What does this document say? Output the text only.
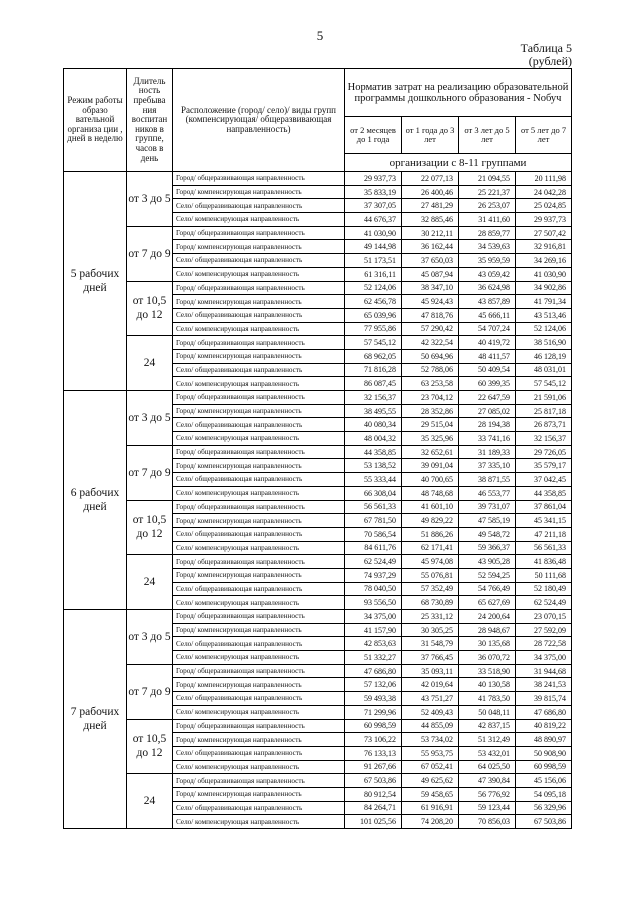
5
Таблица 5
(рублей)
Режим работы образо вательной организа ции , дней в неделю	Длитель ность пребыва ния воспитан ников в группе, часов в день	Расположение (город/ село)/ виды групп (компенсирующая/ общеразвивающая направленность)	Норматив затрат на реализацию образовательной программы дошкольного образования - Nобуч			
			от 2 месяцев до 1 года	от 1 года до 3 лет	от 3 лет до 5 лет	от 5 лет до 7 лет
			организации с 8-11 группами			
5 рабочих дней	от 3 до 5	Город/ общеразвивающая направленность	29 937,73	22 077,13	21 094,55	20 111,98
		Город/ компенсирующая направленность	35 833,19	26 400,46	25 221,37	24 042,28
		Село/ общеразвивающая направленность	37 307,05	27 481,29	26 253,07	25 024,85
		Село/ компенсирующая направленность	44 676,37	32 885,46	31 411,60	29 937,73
	от 7 до 9	Город/ общеразвивающая направленность	41 030,90	30 212,11	28 859,77	27 507,42
		Город/ компенсирующая направленность	49 144,98	36 162,44	34 539,63	32 916,81
		Село/ общеразвивающая направленность	51 173,51	37 650,03	35 959,59	34 269,16
		Село/ компенсирующая направленность	61 316,11	45 087,94	43 059,42	41 030,90
	от 10,5 до 12	Город/ общеразвивающая направленность	52 124,06	38 347,10	36 624,98	34 902,86
		Город/ компенсирующая направленность	62 456,78	45 924,43	43 857,89	41 791,34
		Село/ общеразвивающая направленность	65 039,96	47 818,76	45 666,11	43 513,46
		Село/ компенсирующая направленность	77 955,86	57 290,42	54 707,24	52 124,06
	24	Город/ общеразвивающая направленность	57 545,12	42 322,54	40 419,72	38 516,90
		Город/ компенсирующая направленность	68 962,05	50 694,96	48 411,57	46 128,19
		Село/ общеразвивающая направленность	71 816,28	52 788,06	50 409,54	48 031,01
		Село/ компенсирующая направленность	86 087,45	63 253,58	60 399,35	57 545,12
6 рабочих дней	от 3 до 5	Город/ общеразвивающая направленность	32 156,37	23 704,12	22 647,59	21 591,06
		Город/ компенсирующая направленность	38 495,55	28 352,86	27 085,02	25 817,18
		Село/ общеразвивающая направленность	40 080,34	29 515,04	28 194,38	26 873,71
		Село/ компенсирующая направленность	48 004,32	35 325,96	33 741,16	32 156,37
	от 7 до 9	Город/ общеразвивающая направленность	44 358,85	32 652,61	31 189,33	29 726,05
		Город/ компенсирующая направленность	53 138,52	39 091,04	37 335,10	35 579,17
		Село/ общеразвивающая направленность	55 333,44	40 700,65	38 871,55	37 042,45
		Село/ компенсирующая направленность	66 308,04	48 748,68	46 553,77	44 358,85
	от 10,5 до 12	Город/ общеразвивающая направленность	56 561,33	41 601,10	39 731,07	37 861,04
		Город/ компенсирующая направленность	67 781,50	49 829,22	47 585,19	45 341,15
		Село/ общеразвивающая направленность	70 586,54	51 886,26	49 548,72	47 211,18
		Село/ компенсирующая направленность	84 611,76	62 171,41	59 366,37	56 561,33
	24	Город/ общеразвивающая направленность	62 524,49	45 974,08	43 905,28	41 836,48
		Город/ компенсирующая направленность	74 937,29	55 076,81	52 594,25	50 111,68
		Село/ общеразвивающая направленность	78 040,50	57 352,49	54 766,49	52 180,49
		Село/ компенсирующая направленность	93 556,50	68 730,89	65 627,69	62 524,49
7 рабочих дней	от 3 до 5	Город/ общеразвивающая направленность	34 375,00	25 331,12	24 200,64	23 070,15
		Город/ компенсирующая направленность	41 157,90	30 305,25	28 948,67	27 592,09
		Село/ общеразвивающая направленность	42 853,63	31 548,79	30 135,68	28 722,58
		Село/ компенсирующая направленность	51 332,27	37 766,45	36 070,72	34 375,00
	от 7 до 9	Город/ общеразвивающая направленность	47 686,80	35 093,11	33 518,90	31 944,68
		Город/ компенсирующая направленность	57 132,06	42 019,64	40 130,58	38 241,53
		Село/ общеразвивающая направленность	59 493,38	43 751,27	41 783,50	39 815,74
		Село/ компенсирующая направленность	71 299,96	52 409,43	50 048,11	47 686,80
	от 10,5 до 12	Город/ общеразвивающая направленность	60 998,59	44 855,09	42 837,15	40 819,22
		Город/ компенсирующая направленность	73 106,22	53 734,02	51 312,49	48 890,97
		Село/ общеразвивающая направленность	76 133,13	55 953,75	53 432,01	50 908,90
		Село/ компенсирующая направленность	91 267,66	67 052,41	64 025,50	60 998,59
	24	Город/ общеразвивающая направленность	67 503,86	49 625,62	47 390,84	45 156,06
		Город/ компенсирующая направленность	80 912,54	59 458,65	56 776,92	54 095,18
		Село/ общеразвивающая направленность	84 264,71	61 916,91	59 123,44	56 329,96
		Село/ компенсирующая направленность	101 025,56	74 208,20	70 856,03	67 503,86
